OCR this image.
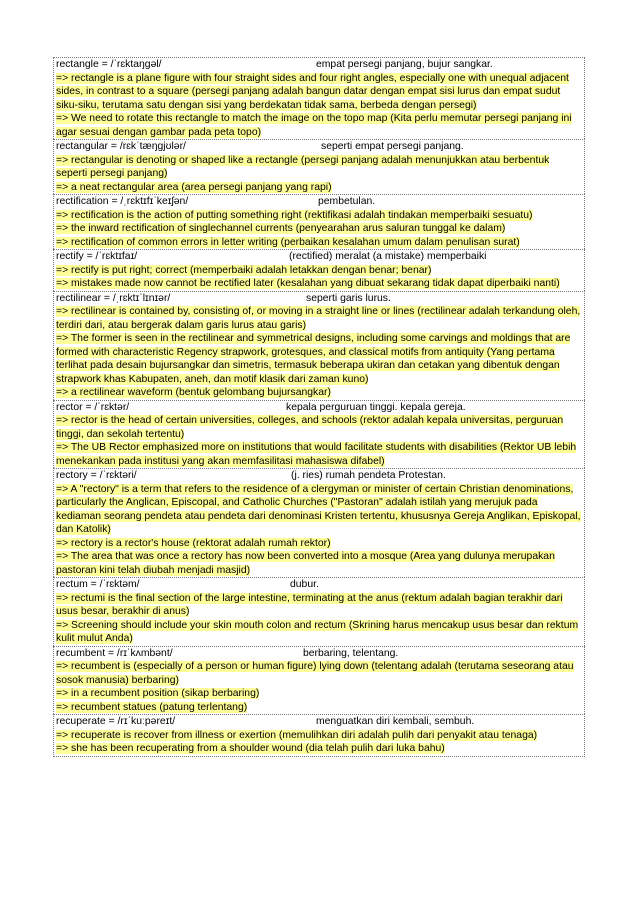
rectangle = /ˈrɛktaŋɡəl/	empat persegi panjang, bujur sangkar.
=> rectangle is a plane figure with four straight sides and four right angles, especially one with unequal adjacent sides, in contrast to a square (persegi panjang adalah bangun datar dengan empat sisi lurus dan empat sudut siku-siku, terutama satu dengan sisi yang berdekatan tidak sama, berbeda dengan persegi)
=> We need to rotate this rectangle to match the image on the topo map (Kita perlu memutar persegi panjang ini agar sesuai dengan gambar pada peta topo)
rectangular = /rɛkˈtæŋɡjʊlər/	seperti empat persegi panjang.
=> rectangular is denoting or shaped like a rectangle (persegi panjang adalah menunjukkan atau berbentuk seperti persegi panjang)
=> a neat rectangular area (area persegi panjang yang rapi)
rectification = /ˌrɛktɪfɪˈkeɪʃən/	pembetulan.
=> rectification is the action of putting something right (rektifikasi adalah tindakan memperbaiki sesuatu)
=> the inward rectification of singlechannel currents (penyearahan arus saluran tunggal ke dalam)
=> rectification of common errors in letter writing (perbaikan kesalahan umum dalam penulisan surat)
rectify = /ˈrɛktɪfaɪ/	(rectified) meralat (a mistake) memperbaiki
=> rectify is put right; correct (memperbaiki adalah letakkan dengan benar; benar)
=> mistakes made now cannot be rectified later (kesalahan yang dibuat sekarang tidak dapat diperbaiki nanti)
rectilinear = /ˌrɛktɪˈlɪnɪər/	seperti garis lurus.
=> rectilinear is contained by, consisting of, or moving in a straight line or lines (rectilinear adalah terkandung oleh, terdiri dari, atau bergerak dalam garis lurus atau garis)
=> The former is seen in the rectilinear and symmetrical designs, including some carvings and moldings that are formed with characteristic Regency strapwork, grotesques, and classical motifs from antiquity (Yang pertama terlihat pada desain bujursangkar dan simetris, termasuk beberapa ukiran dan cetakan yang dibentuk dengan strapwork khas Kabupaten, aneh, dan motif klasik dari zaman kuno)
=> a rectilinear waveform (bentuk gelombang bujursangkar)
rector = /ˈrɛktər/	kepala perguruan tinggi. kepala gereja.
=> rector is the head of certain universities, colleges, and schools (rektor adalah kepala universitas, perguruan tinggi, dan sekolah tertentu)
=> The UB Rector emphasized more on institutions that would facilitate students with disabilities (Rektor UB lebih menekankan pada institusi yang akan memfasilitasi mahasiswa difabel)
rectory = /ˈrɛktəri/	(j. ries) rumah pendeta Protestan.
=> A "rectory" is a term that refers to the residence of a clergyman or minister of certain Christian denominations, particularly the Anglican, Episcopal, and Catholic Churches ("Pastoran" adalah istilah yang merujuk pada kediaman seorang pendeta atau pendeta dari denominasi Kristen tertentu, khususnya Gereja Anglikan, Episkopal, dan Katolik)
=> rectory is a rector's house (rektorat adalah rumah rektor)
=> The area that was once a rectory has now been converted into a mosque (Area yang dulunya merupakan pastoran kini telah diubah menjadi masjid)
rectum = /ˈrɛktəm/	dubur.
=> rectumi is the final section of the large intestine, terminating at the anus (rektum adalah bagian terakhir dari usus besar, berakhir di anus)
=> Screening should include your skin mouth colon and rectum (Skrining harus mencakup usus besar dan rektum kulit mulut Anda)
recumbent = /rɪˈkʌmbənt/	berbaring, telentang.
=> recumbent is (especially of a person or human figure) lying down (telentang adalah (terutama seseorang atau sosok manusia) berbaring)
=> in a recumbent position (sikap berbaring)
=> recumbent statues (patung terlentang)
recuperate = /rɪˈkuːpəreɪt/	menguatkan diri kembali, sembuh.
=> recuperate is recover from illness or exertion (memulihkan diri adalah pulih dari penyakit atau tenaga)
=> she has been recuperating from a shoulder wound (dia telah pulih dari luka bahu)
